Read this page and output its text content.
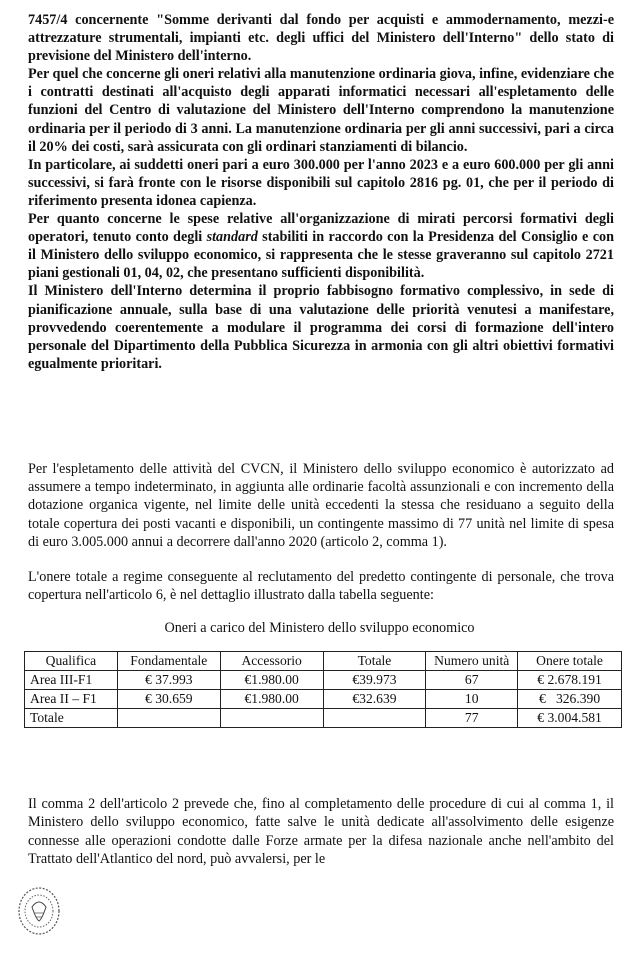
7457/4 concernente "Somme derivanti dal fondo per acquisti e ammodernamento, mezzi-e attrezzature strumentali, impianti etc. degli uffici del Ministero dell'Interno" dello stato di previsione del Ministero dell'interno.

Per quel che concerne gli oneri relativi alla manutenzione ordinaria giova, infine, evidenziare che i contratti destinati all'acquisto degli apparati informatici necessari all'espletamento delle funzioni del Centro di valutazione del Ministero dell'Interno comprendono la manutenzione ordinaria per il periodo di 3 anni. La manutenzione ordinaria per gli anni successivi, pari a circa il 20% dei costi, sarà assicurata con gli ordinari stanziamenti di bilancio.

In particolare, ai suddetti oneri pari a euro 300.000 per l'anno 2023 e a euro 600.000 per gli anni successivi, si farà fronte con le risorse disponibili sul capitolo 2816 pg. 01, che per il periodo di riferimento presenta idonea capienza.

Per quanto concerne le spese relative all'organizzazione di mirati percorsi formativi degli operatori, tenuto conto degli standard stabiliti in raccordo con la Presidenza del Consiglio e con il Ministero dello sviluppo economico, si rappresenta che le stesse graveranno sul capitolo 2721 piani gestionali 01, 04, 02, che presentano sufficienti disponibilità.

Il Ministero dell'Interno determina il proprio fabbisogno formativo complessivo, in sede di pianificazione annuale, sulla base di una valutazione delle priorità venutesi a manifestare, provvedendo coerentemente a modulare il programma dei corsi di formazione dell'intero personale del Dipartimento della Pubblica Sicurezza in armonia con gli altri obiettivi formativi egualmente prioritari.

Per l'espletamento delle attività del CVCN, il Ministero dello sviluppo economico è autorizzato ad assumere a tempo indeterminato, in aggiunta alle ordinarie facoltà assunzionali e con incremento della dotazione organica vigente, nel limite delle unità eccedenti la stessa che residuano a seguito della totale copertura dei posti vacanti e disponibili, un contingente massimo di 77 unità nel limite di spesa di euro 3.005.000 annui a decorrere dall'anno 2020 (articolo 2, comma 1).

L'onere totale a regime conseguente al reclutamento del predetto contingente di personale, che trova copertura nell'articolo 6, è nel dettaglio illustrato dalla tabella seguente:

Oneri a carico del Ministero dello sviluppo economico
Qualifica	Fondamentale	Accessorio	Totale	Numero unità	Onere totale
Area III-F1	€ 37.993	€1.980.00	€39.973	67	€ 2.678.191
Area II – F1	€ 30.659	€1.980.00	€32.639	10	€   326.390
Totale				77	€ 3.004.581
Il comma 2 dell'articolo 2 prevede che, fino al completamento delle procedure di cui al comma 1, il Ministero dello sviluppo economico, fatte salve le unità dedicate all'assolvimento delle esigenze connesse alle operazioni condotte dalle Forze armate per la difesa nazionale anche nell'ambito del Trattato dell'Atlantico del nord, può avvalersi, per le
